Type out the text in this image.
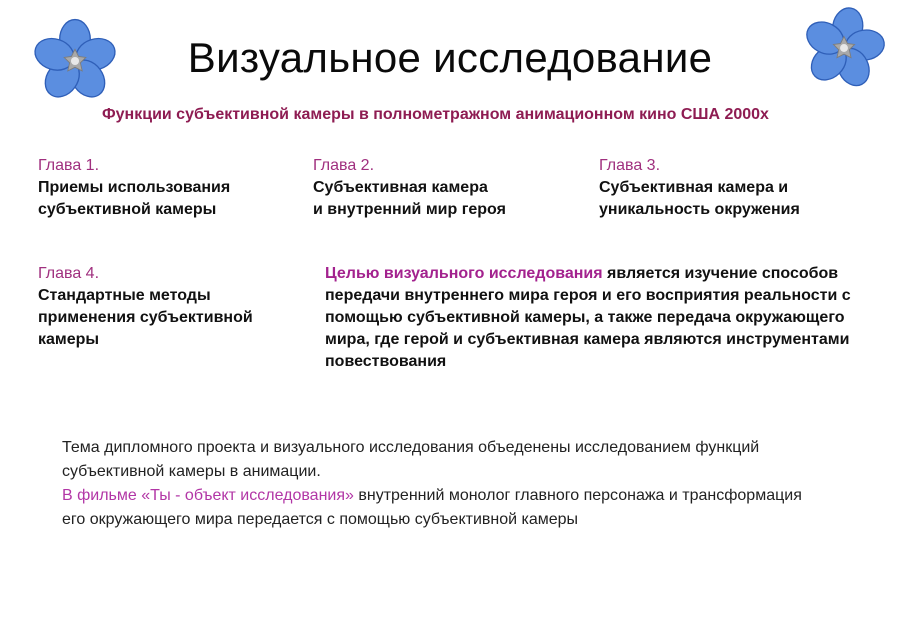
Визуальное исследование
Функции субъективной камеры в полнометражном анимационном кино США 2000х
Глава 1.
Приемы использования
субъективной камеры
Глава 2.
Субъективная камера
и внутренний мир героя
Глава 3.
Субъективная камера и
уникальность окружения
Глава 4.
Стандартные методы
применения субъективной
камеры
Целью визуального исследования является изучение способов передачи внутреннего мира героя и его восприятия реальности с помощью субъективной камеры, а также передача окружающего мира, где герой и субъективная камера являются инструментами повествования

Тема дипломного проекта и визуального исследования объеденены исследованием функций субъективной камеры в анимации.

В фильме «Ты - объект исследования» внутренний монолог главного персонажа и трансформация его окружающего мира передается с помощью субъективной камеры
